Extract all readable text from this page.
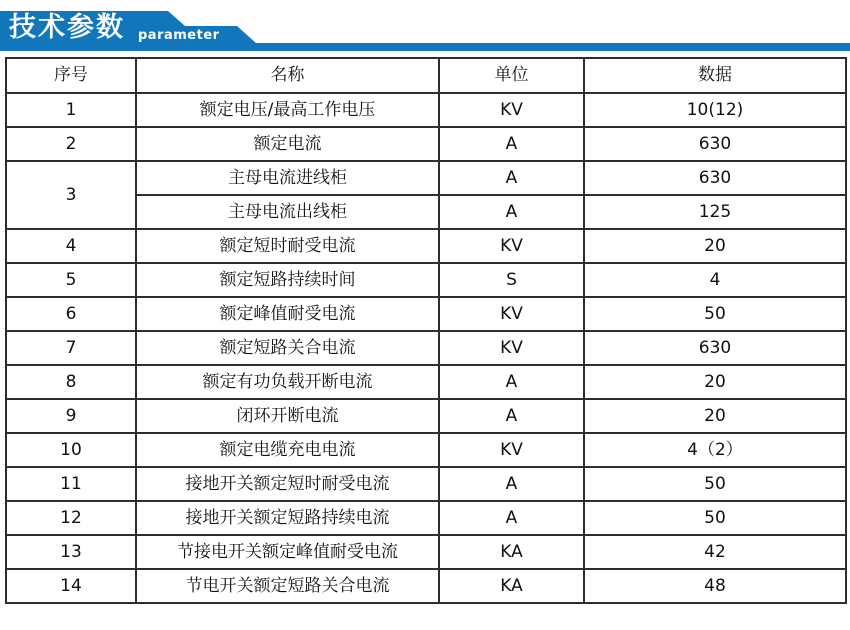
技术参数 parameter
序号	名称	单位	数据
1	额定电压/最高工作电压	KV	10(12)
2	额定电流	A	630
3	主母电流进线柜	A	630
	主母电流出线柜	A	125
4	额定短时耐受电流	KV	20
5	额定短路持续时间	S	4
6	额定峰值耐受电流	KV	50
7	额定短路关合电流	KV	630
8	额定有功负载开断电流	A	20
9	闭环开断电流	A	20
10	额定电缆充电电流	KV	4（2）
11	接地开关额定短时耐受电流	A	50
12	接地开关额定短路持续电流	A	50
13	节接电开关额定峰值耐受电流	KA	42
14	节电开关额定短路关合电流	KA	48
